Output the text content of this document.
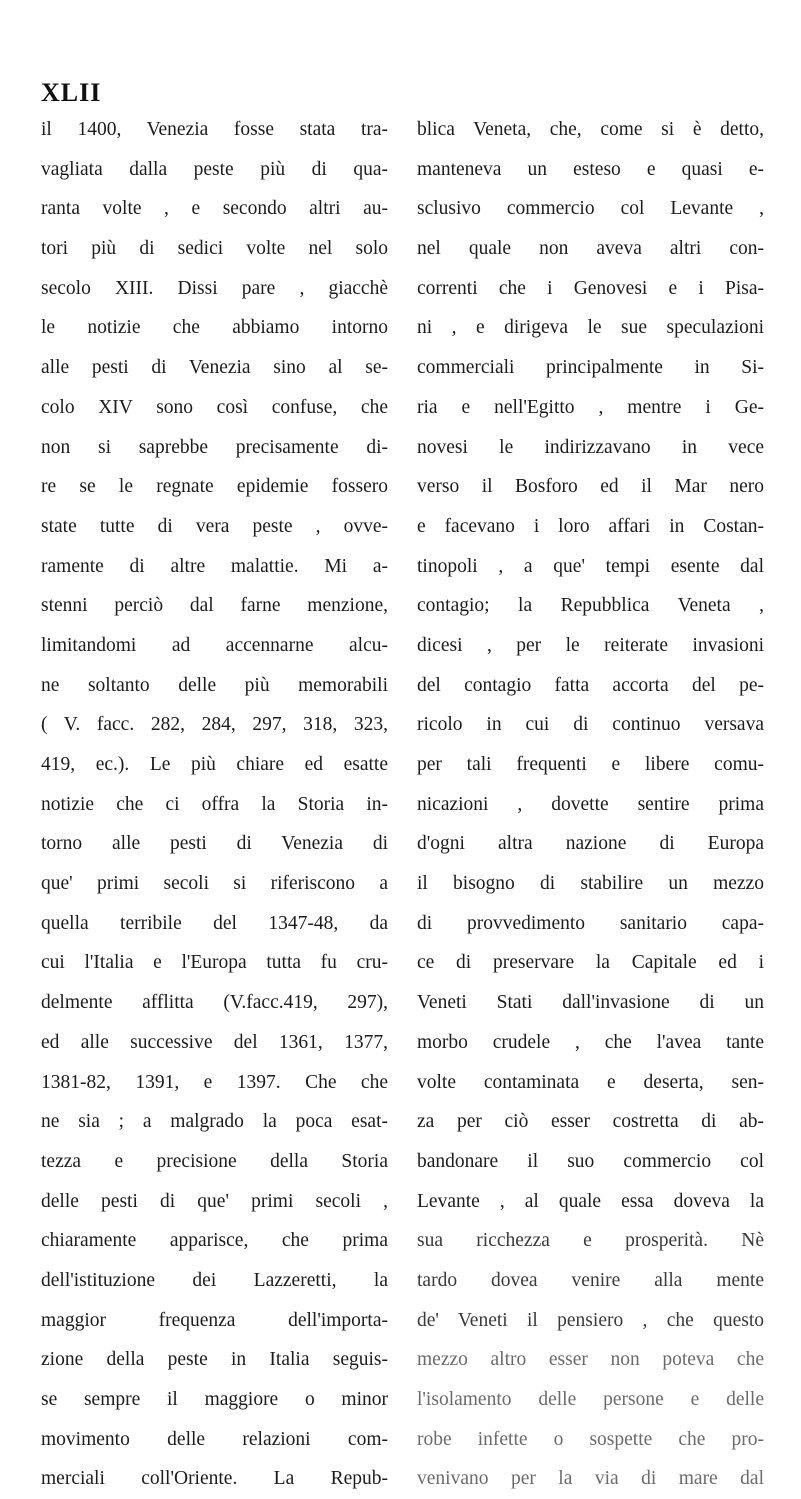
XLII
il 1400, Venezia fosse stata tra-
vagliata dalla peste più di qua-
ranta volte , e secondo altri au-
tori più di sedici volte nel solo
secolo XIII. Dissi pare , giacchè
le notizie che abbiamo intorno
alle pesti di Venezia sino al se-
colo XIV sono così confuse, che
non si saprebbe precisamente di-
re se le regnate epidemie fossero
state tutte di vera peste , ovve-
ramente di altre malattie. Mi a-
stenni perciò dal farne menzione,
limitandomi ad accennarne alcu-
ne soltanto delle più memorabili
( V. facc. 282, 284, 297, 318, 323,
419, ec.). Le più chiare ed esatte
notizie che ci offra la Storia in-
torno alle pesti di Venezia di
que' primi secoli si riferiscono a
quella terribile del 1347-48, da
cui l'Italia e l'Europa tutta fu cru-
delmente afflitta (V.facc.419, 297),
ed alle successive del 1361, 1377,
1381-82, 1391, e 1397. Che che
ne sia ; a malgrado la poca esat-
tezza e precisione della Storia
delle pesti di que' primi secoli ,
chiaramente apparisce, che prima
dell'istituzione dei Lazzeretti, la
maggior frequenza dell'importa-
zione della peste in Italia seguis-
se sempre il maggiore o minor
movimento delle relazioni com-
merciali coll'Oriente. La Repub-
blica Veneta, che, come si è detto,
manteneva un esteso e quasi e-
sclusivo commercio col Levante ,
nel quale non aveva altri con-
correnti che i Genovesi e i Pisa-
ni , e dirigeva le sue speculazioni
commerciali principalmente in Si-
ria e nell'Egitto , mentre i Ge-
novesi le indirizzavano in vece
verso il Bosforo ed il Mar nero
e facevano i loro affari in Costan-
tinopoli , a que' tempi esente dal
contagio; la Repubblica Veneta ,
dicesi , per le reiterate invasioni
del contagio fatta accorta del pe-
ricolo in cui di continuo versava
per tali frequenti e libere comu-
nicazioni , dovette sentire prima
d'ogni altra nazione di Europa
il bisogno di stabilire un mezzo
di provvedimento sanitario capa-
ce di preservare la Capitale ed i
Veneti Stati dall'invasione di un
morbo crudele , che l'avea tante
volte contaminata e deserta, sen-
za per ciò esser costretta di ab-
bandonare il suo commercio col
Levante , al quale essa doveva la
sua ricchezza e prosperità. Nè
tardo dovea venire alla mente
de' Veneti il pensiero , che questo
mezzo altro esser non poteva che
l'isolamento delle persone e delle
robe infette o sospette che pro-
venivano per la via di mare dal
